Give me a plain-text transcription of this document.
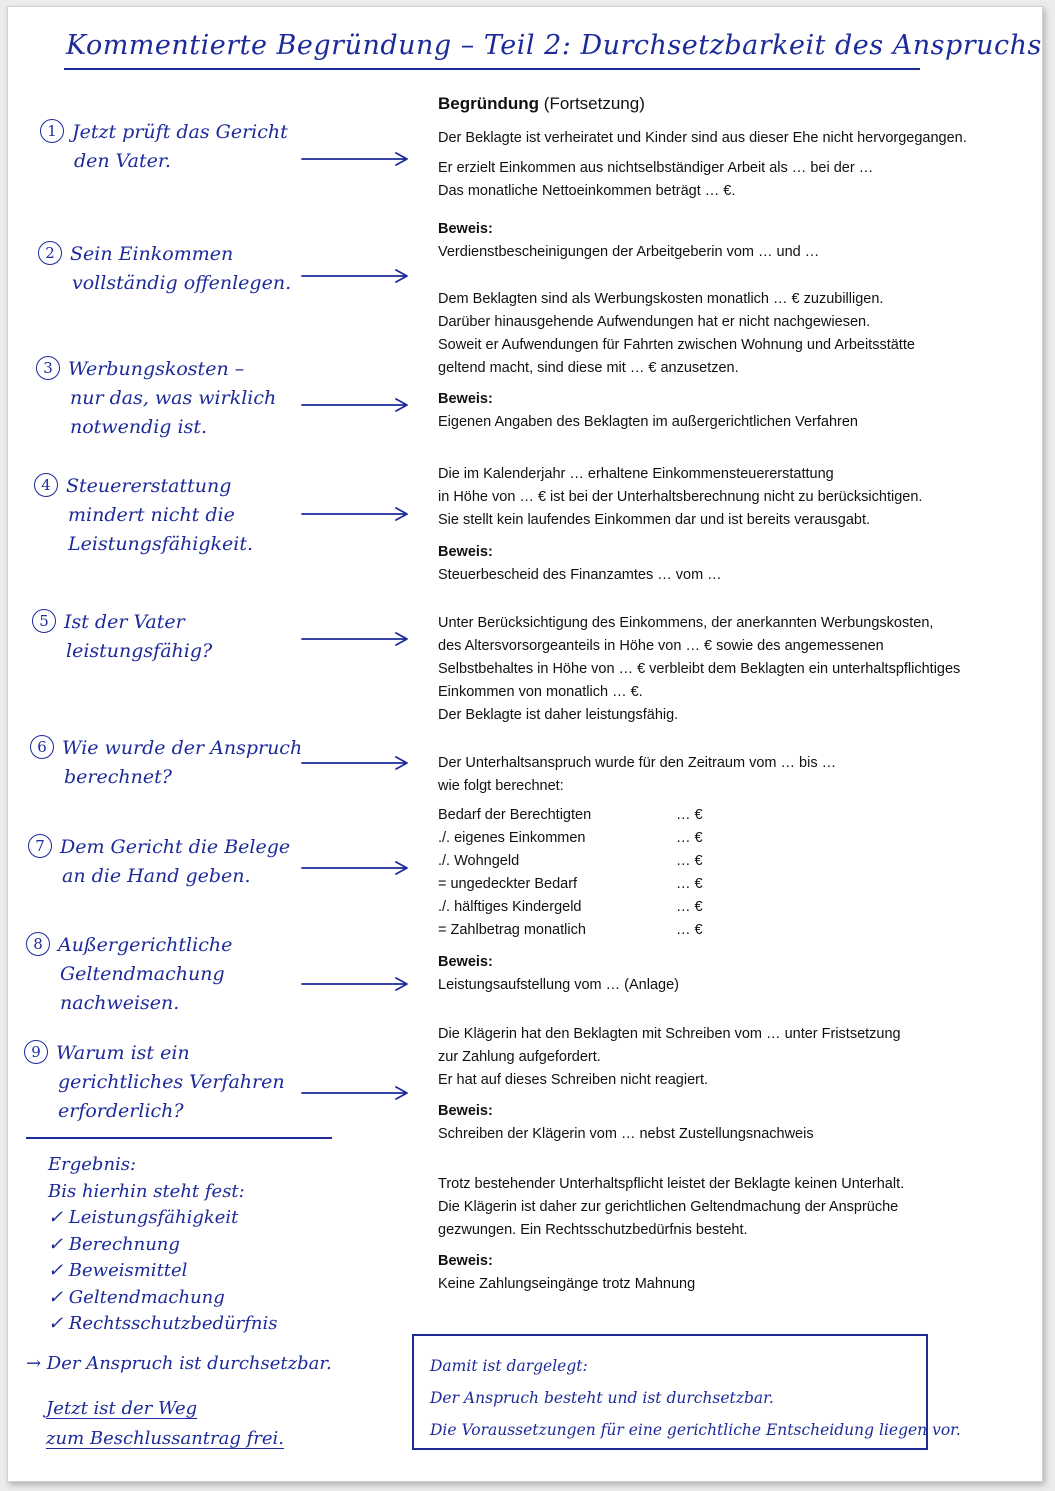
Kommentierte Begründung – Teil 2: Durchsetzbarkeit des Anspruchs
1 Jetzt prüft das Gericht
den Vater.
2 Sein Einkommen
vollständig offenlegen.
3 Werbungskosten –
nur das, was wirklich
notwendig ist.
4 Steuererstattung
mindert nicht die
Leistungsfähigkeit.
5 Ist der Vater
leistungsfähig?
6 Wie wurde der Anspruch
berechnet?
7 Dem Gericht die Belege
an die Hand geben.
8 Außergerichtliche
Geltendmachung
nachweisen.
9 Warum ist ein
gerichtliches Verfahren
erforderlich?
Begründung (Fortsetzung)
Der Beklagte ist verheiratet und Kinder sind aus dieser Ehe nicht hervorgegangen.
Er erzielt Einkommen aus nichtselbständiger Arbeit als … bei der …
Das monatliche Nettoeinkommen beträgt … €.
Beweis:
Verdienstbescheinigungen der Arbeitgeberin vom … und …
Dem Beklagten sind als Werbungskosten monatlich … € zuzubilligen.
Darüber hinausgehende Aufwendungen hat er nicht nachgewiesen.
Soweit er Aufwendungen für Fahrten zwischen Wohnung und Arbeitsstätte
geltend macht, sind diese mit … € anzusetzen.
Beweis:
Eigenen Angaben des Beklagten im außergerichtlichen Verfahren
Die im Kalenderjahr … erhaltene Einkommensteuererstattung
in Höhe von … € ist bei der Unterhaltsberechnung nicht zu berücksichtigen.
Sie stellt kein laufendes Einkommen dar und ist bereits verausgabt.
Beweis:
Steuerbescheid des Finanzamtes … vom …
Unter Berücksichtigung des Einkommens, der anerkannten Werbungskosten,
des Altersvorsorgeanteils in Höhe von … € sowie des angemessenen
Selbstbehaltes in Höhe von … € verbleibt dem Beklagten ein unterhaltspflichtiges
Einkommen von monatlich … €.
Der Beklagte ist daher leistungsfähig.
Der Unterhaltsanspruch wurde für den Zeitraum vom … bis …
wie folgt berechnet:
Bedarf der Berechtigten	… €
./. eigenes Einkommen	… €
./. Wohngeld	… €
= ungedeckter Bedarf	… €
./. hälftiges Kindergeld	… €
= Zahlbetrag monatlich	… €
Beweis:
Leistungsaufstellung vom … (Anlage)
Die Klägerin hat den Beklagten mit Schreiben vom … unter Fristsetzung
zur Zahlung aufgefordert.
Er hat auf dieses Schreiben nicht reagiert.
Beweis:
Schreiben der Klägerin vom … nebst Zustellungsnachweis
Trotz bestehender Unterhaltspflicht leistet der Beklagte keinen Unterhalt.
Die Klägerin ist daher zur gerichtlichen Geltendmachung der Ansprüche
gezwungen. Ein Rechtsschutzbedürfnis besteht.
Beweis:
Keine Zahlungseingänge trotz Mahnung
Ergebnis:
Bis hierhin steht fest:
✓ Leistungsfähigkeit
✓ Berechnung
✓ Beweismittel
✓ Geltendmachung
✓ Rechtsschutzbedürfnis
→ Der Anspruch ist durchsetzbar.
Jetzt ist der Weg
zum Beschlussantrag frei.
Damit ist dargelegt:
Der Anspruch besteht und ist durchsetzbar.
Die Voraussetzungen für eine gerichtliche Entscheidung liegen vor.
